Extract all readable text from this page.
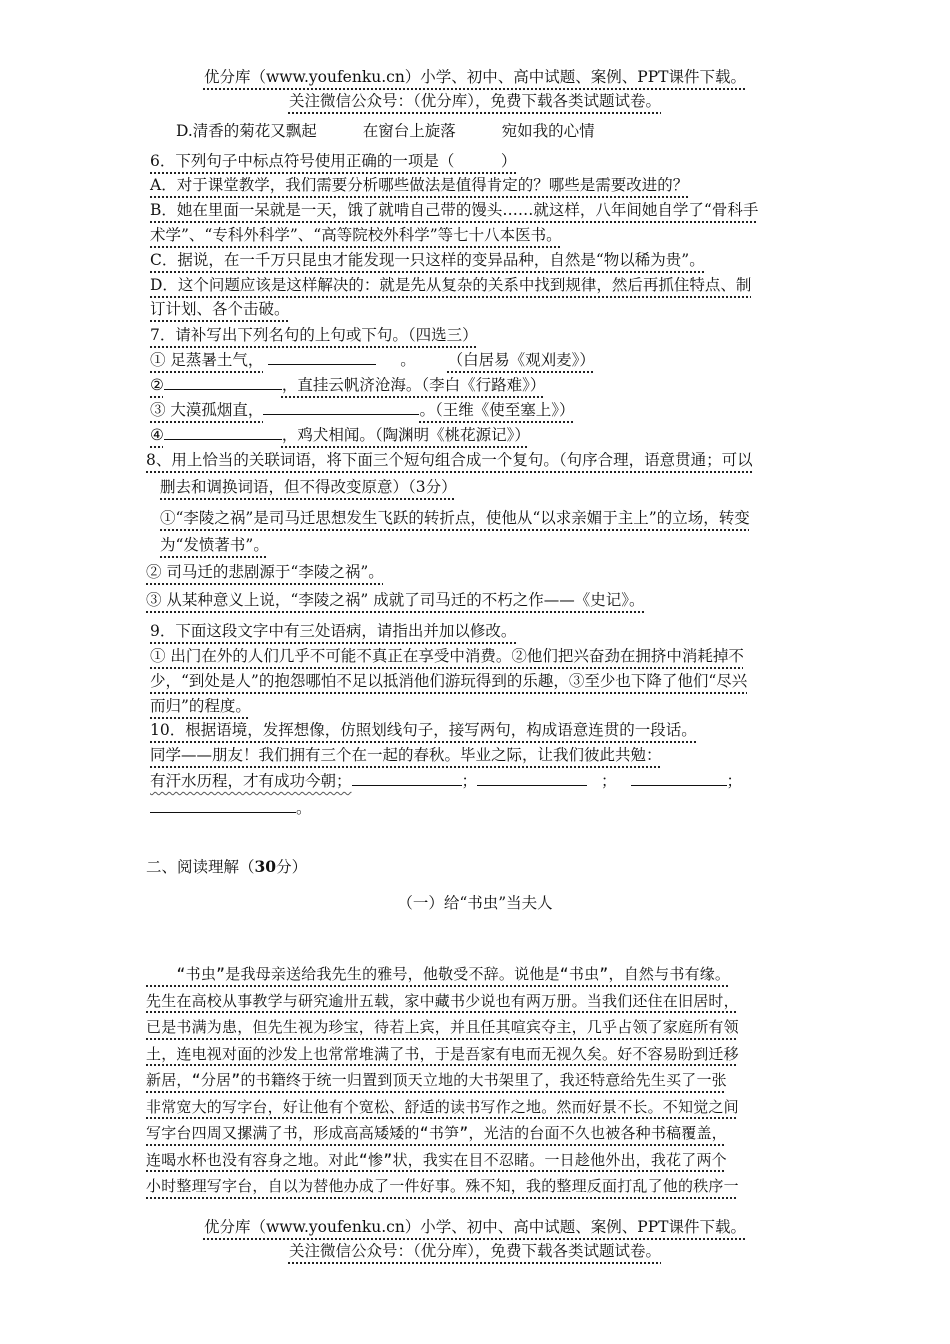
优分库（www.youfenku.cn）小学、初中、高中试题、案例、PPT课件下载。
关注微信公众号：（优分库），免费下载各类试题试卷。
D.清香的菊花又飘起	在窗台上旋落	宛如我的心情
6．下列句子中标点符号使用正确的一项是（　　　）
A．对于课堂教学，我们需要分析哪些做法是值得肯定的？哪些是需要改进的？
B．她在里面一呆就是一天，饿了就啃自己带的馒头……就这样，八年间她自学了“骨科手
术学”、“专科外科学”、“高等院校外科学”等七十八本医书。
C．据说，在一千万只昆虫才能发现一只这样的变异品种，自然是“物以稀为贵”。
D．这个问题应该是这样解决的：就是先从复杂的关系中找到规律，然后再抓住特点、制
订计划、各个击破。
7．请补写出下列名句的上句或下句。（四选三）
① 足蒸暑土气，	。 （白居易《观刈麦》）
②	，直挂云帆济沧海。（李白《行路难》）
③ 大漠孤烟直，	。（王维《使至塞上》）
④	，鸡犬相闻。（陶渊明《桃花源记》）
8、用上恰当的关联词语，将下面三个短句组合成一个复句。（句序合理，语意贯通；可以
删去和调换词语，但不得改变原意）（3分）
①“李陵之祸”是司马迁思想发生飞跃的转折点，使他从“以求亲媚于主上”的立场，转变
为“发愤著书”。
② 司马迁的悲剧源于“李陵之祸”。
③ 从某种意义上说，“李陵之祸” 成就了司马迁的不朽之作——《史记》。
9．下面这段文字中有三处语病，请指出并加以修改。
① 出门在外的人们几乎不可能不真正在享受中消费。②他们把兴奋劲在拥挤中消耗掉不
少，“到处是人”的抱怨哪怕不足以抵消他们游玩得到的乐趣，③至少也下降了他们“尽兴
而归”的程度。
10．根据语境，发挥想像，仿照划线句子，接写两句，构成语意连贯的一段话。
同学——朋友！我们拥有三个在一起的春秋。毕业之际，让我们彼此共勉：
有汗水历程，才有成功今朝；	；	；	；
。
二、阅读理解（30分）
（一）给“书虫”当夫人
　　“书虫”是我母亲送给我先生的雅号，他敬受不辞。说他是“书虫”，自然与书有缘。
先生在高校从事教学与研究逾卅五载，家中藏书少说也有两万册。当我们还住在旧居时，
已是书满为患，但先生视为珍宝，待若上宾，并且任其喧宾夺主，几乎占领了家庭所有领
土，连电视对面的沙发上也常常堆满了书，于是吾家有电而无视久矣。好不容易盼到迁移
新居，“分居”的书籍终于统一归置到顶天立地的大书架里了，我还特意给先生买了一张
非常宽大的写字台，好让他有个宽松、舒适的读书写作之地。然而好景不长。不知觉之间
写字台四周又摞满了书，形成高高矮矮的“书笋”，光洁的台面不久也被各种书稿覆盖，
连喝水杯也没有容身之地。对此“惨”状，我实在目不忍睹。一日趁他外出，我花了两个
小时整理写字台，自以为替他办成了一件好事。殊不知，我的整理反面打乱了他的秩序一
优分库（www.youfenku.cn）小学、初中、高中试题、案例、PPT课件下载。
关注微信公众号：（优分库），免费下载各类试题试卷。
